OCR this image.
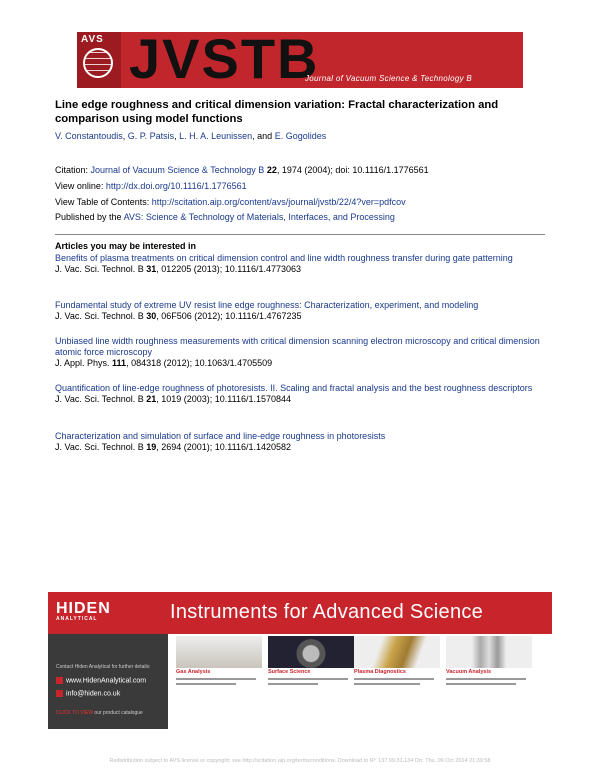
AVS JVSTB
Journal of Vacuum Science & Technology B
Line edge roughness and critical dimension variation: Fractal characterization and comparison using model functions
V. Constantoudis, G. P. Patsis, L. H. A. Leunissen, and E. Gogolides
Citation: Journal of Vacuum Science & Technology B 22, 1974 (2004); doi: 10.1116/1.1776561
View online: http://dx.doi.org/10.1116/1.1776561
View Table of Contents: http://scitation.aip.org/content/avs/journal/jvstb/22/4?ver=pdfcov
Published by the AVS: Science & Technology of Materials, Interfaces, and Processing
Articles you may be interested in
Benefits of plasma treatments on critical dimension control and line width roughness transfer during gate patterning
J. Vac. Sci. Technol. B 31, 012205 (2013); 10.1116/1.4773063
Fundamental study of extreme UV resist line edge roughness: Characterization, experiment, and modeling
J. Vac. Sci. Technol. B 30, 06F506 (2012); 10.1116/1.4767235
Unbiased line width roughness measurements with critical dimension scanning electron microscopy and critical dimension atomic force microscopy
J. Appl. Phys. 111, 084318 (2012); 10.1063/1.4705509
Quantification of line-edge roughness of photoresists. II. Scaling and fractal analysis and the best roughness descriptors
J. Vac. Sci. Technol. B 21, 1019 (2003); 10.1116/1.1570844
Characterization and simulation of surface and line-edge roughness in photoresists
J. Vac. Sci. Technol. B 19, 2694 (2001); 10.1116/1.1420582
HIDEN
ANALYTICAL	Instruments for Advanced Science
Contact Hiden Analytical for further details:
www.HidenAnalytical.com
info@hiden.co.uk
CLICK TO VIEW our product catalogue
Gas Analysis	Surface Science	Plasma Diagnostics	Vacuum Analysis
Redistribution subject to AVS license or copyright; see http://scitation.aip.org/termsconditions. Download to IP: 137.99.31.134 On: Thu, 09 Oct 2014 21:39:58
